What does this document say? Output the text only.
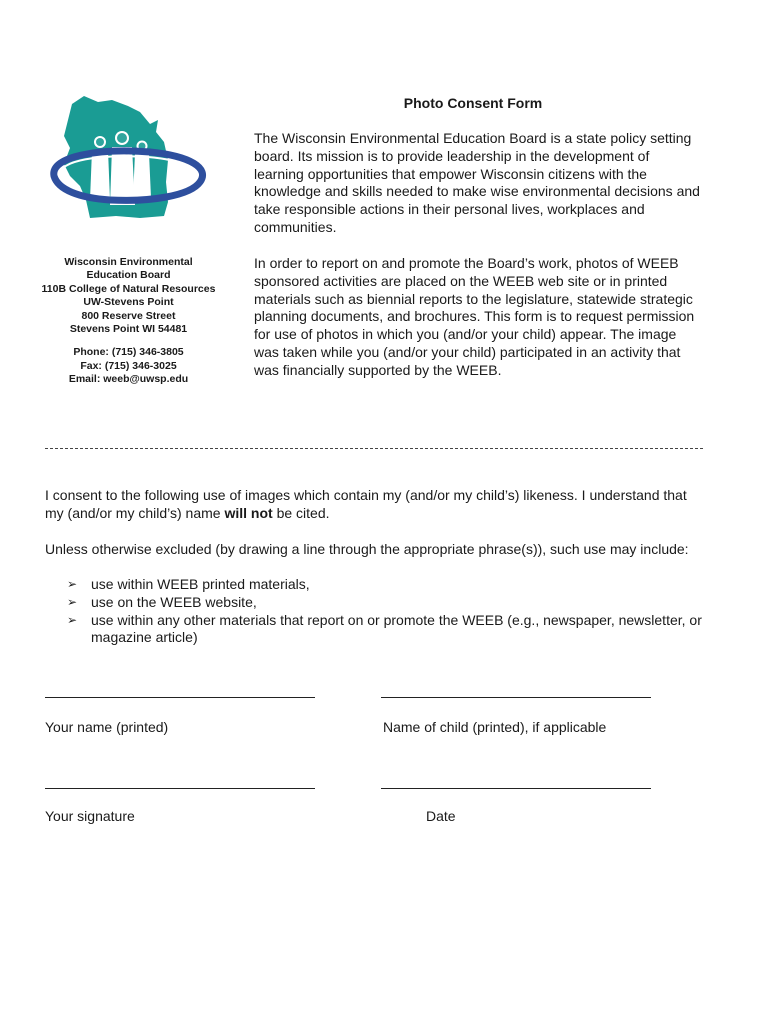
Wisconsin Environmental
Education Board
110B College of Natural Resources
UW-Stevens Point
800 Reserve Street
Stevens Point WI 54481
Phone: (715) 346-3805
Fax: (715) 346-3025
Email: weeb@uwsp.edu
Photo Consent Form
The Wisconsin Environmental Education Board is a state policy setting board. Its mission is to provide leadership in the development of learning opportunities that empower Wisconsin citizens with the knowledge and skills needed to make wise environmental decisions and take responsible actions in their personal lives, workplaces and communities.
In order to report on and promote the Board’s work, photos of WEEB sponsored activities are placed on the WEEB web site or in printed materials such as biennial reports to the legislature, statewide strategic planning documents, and brochures. This form is to request permission for use of photos in which you (and/or your child) appear. The image was taken while you (and/or your child) participated in an activity that was financially supported by the WEEB.
I consent to the following use of images which contain my (and/or my child’s) likeness. I understand that my (and/or my child’s) name will not be cited.
Unless otherwise excluded (by drawing a line through the appropriate phrase(s)), such use may include:
➢ use within WEEB printed materials,
➢ use on the WEEB website,
➢ use within any other materials that report on or promote the WEEB (e.g., newspaper, newsletter, or magazine article)
Your name (printed)	Name of child (printed), if applicable
Your signature	Date
